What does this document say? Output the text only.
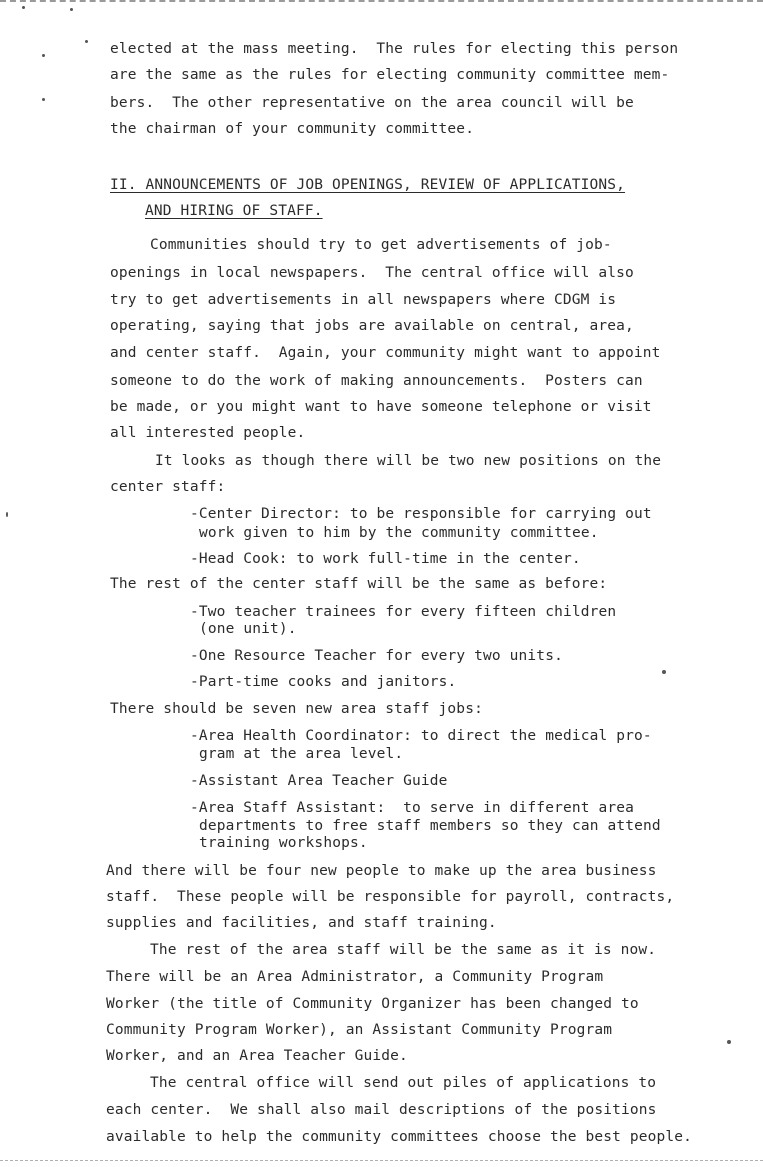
elected at the mass meeting.  The rules for electing this person
are the same as the rules for electing community committee mem-
bers.  The other representative on the area council will be
the chairman of your community committee.
II. ANNOUNCEMENTS OF JOB OPENINGS, REVIEW OF APPLICATIONS,
AND HIRING OF STAFF.
Communities should try to get advertisements of job-
openings in local newspapers.  The central office will also
try to get advertisements in all newspapers where CDGM is
operating, saying that jobs are available on central, area,
and center staff.  Again, your community might want to appoint
someone to do the work of making announcements.  Posters can
be made, or you might want to have someone telephone or visit
all interested people.
It looks as though there will be two new positions on the
center staff:
-Center Director: to be responsible for carrying out
work given to him by the community committee.
-Head Cook: to work full-time in the center.
The rest of the center staff will be the same as before:
-Two teacher trainees for every fifteen children
(one unit).
-One Resource Teacher for every two units.
-Part-time cooks and janitors.
There should be seven new area staff jobs:
-Area Health Coordinator: to direct the medical pro-
gram at the area level.
-Assistant Area Teacher Guide
-Area Staff Assistant:  to serve in different area
departments to free staff members so they can attend
training workshops.
And there will be four new people to make up the area business
staff.  These people will be responsible for payroll, contracts,
supplies and facilities, and staff training.
The rest of the area staff will be the same as it is now.
There will be an Area Administrator, a Community Program
Worker (the title of Community Organizer has been changed to
Community Program Worker), an Assistant Community Program
Worker, and an Area Teacher Guide.
The central office will send out piles of applications to
each center.  We shall also mail descriptions of the positions
available to help the community committees choose the best people.
